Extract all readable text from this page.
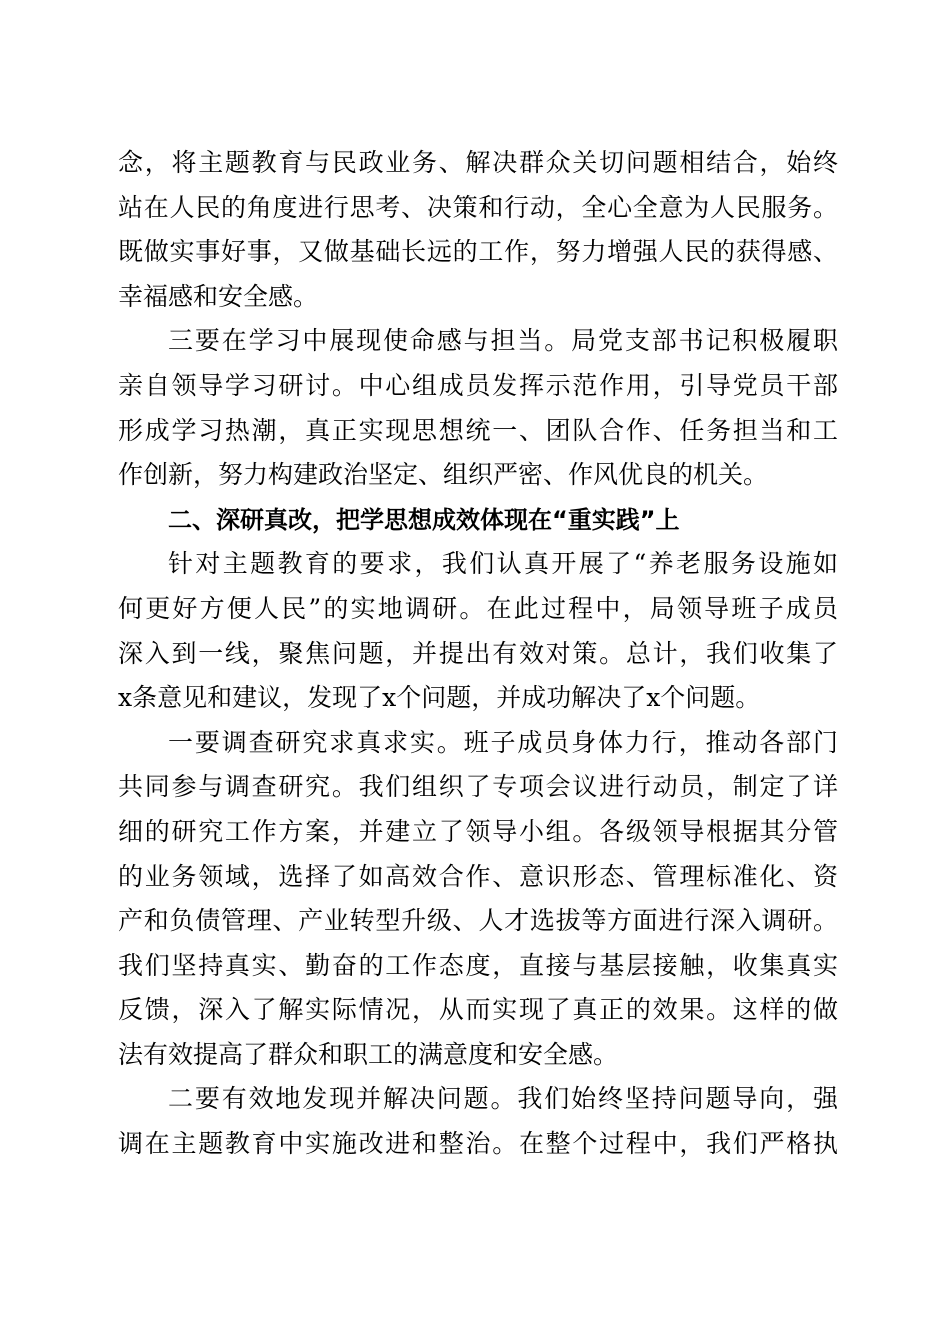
念，将主题教育与民政业务、解决群众关切问题相结合，始终
站在人民的角度进行思考、决策和行动，全心全意为人民服务。
既做实事好事，又做基础长远的工作，努力增强人民的获得感、
幸福感和安全感。
三要在学习中展现使命感与担当。局党支部书记积极履职
亲自领导学习研讨。中心组成员发挥示范作用，引导党员干部
形成学习热潮，真正实现思想统一、团队合作、任务担当和工
作创新，努力构建政治坚定、组织严密、作风优良的机关。
二、深研真改，把学思想成效体现在“重实践”上
针对主题教育的要求，我们认真开展了“养老服务设施如
何更好方便人民”的实地调研。在此过程中，局领导班子成员
深入到一线，聚焦问题，并提出有效对策。总计，我们收集了
x条意见和建议，发现了x个问题，并成功解决了x个问题。
一要调查研究求真求实。班子成员身体力行，推动各部门
共同参与调查研究。我们组织了专项会议进行动员，制定了详
细的研究工作方案，并建立了领导小组。各级领导根据其分管
的业务领域，选择了如高效合作、意识形态、管理标准化、资
产和负债管理、产业转型升级、人才选拔等方面进行深入调研。
我们坚持真实、勤奋的工作态度，直接与基层接触，收集真实
反馈，深入了解实际情况，从而实现了真正的效果。这样的做
法有效提高了群众和职工的满意度和安全感。
二要有效地发现并解决问题。我们始终坚持问题导向，强
调在主题教育中实施改进和整治。在整个过程中，我们严格执
